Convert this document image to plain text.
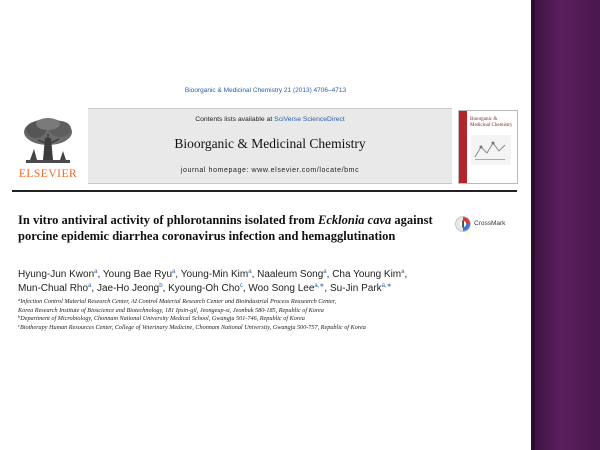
Bioorganic & Medicinal Chemistry 21 (2013) 4706–4713
ELSEVIER
Contents lists available at SciVerse ScienceDirect
Bioorganic & Medicinal Chemistry
journal homepage: www.elsevier.com/locate/bmc
Bioorganic & Medicinal Chemistry
In vitro antiviral activity of phlorotannins isolated from Ecklonia cava against porcine epidemic diarrhea coronavirus infection and hemagglutination
CrossMark
Hyung-Jun Kwon$^a$, Young Bae Ryu$^a$, Young-Min Kim$^a$, Naaleum Song$^a$, Cha Young Kim$^a$,
Mun-Chual Rho$^a$, Jae-Ho Jeong$^b$, Kyoung-Oh Cho$^c$, Woo Song Lee$^{a,∗}$, Su-Jin Park$^{a,∗}$
$^a$Infection Control Material Research Center, AI Control Material Research Center and Bioindustrial Process Reasearch Center,
Korea Research Institute of Bioscience and Biotechnology, 181 Ipsin-gil, Jeongeup-si, Jeonbuk 580-185, Republic of Korea
$^b$Department of Microbiology, Chonnam National University Medical School, Gwangju 501-746, Republic of Korea
$^c$Biotherapy Human Resources Center, College of Veterinary Medicine, Chonnam National University, Gwangju 500-757, Republic of Korea
